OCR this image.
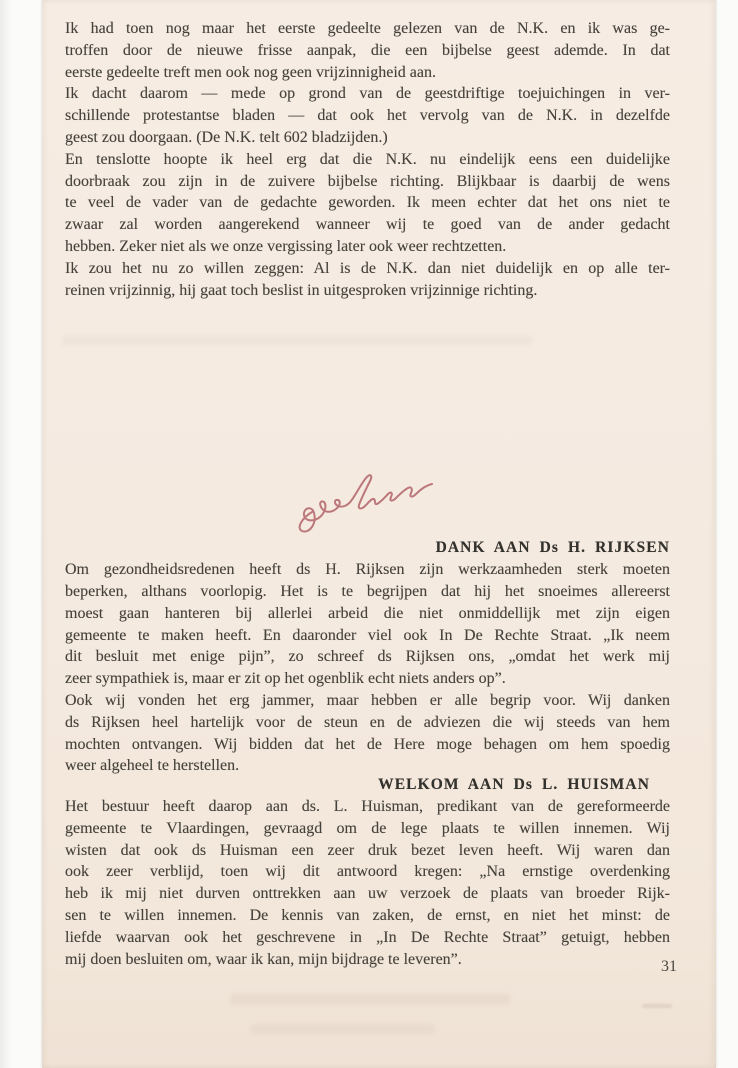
Ik had toen nog maar het eerste gedeelte gelezen van de N.K. en ik was ge-
troffen door de nieuwe frisse aanpak, die een bijbelse geest ademde. In dat
eerste gedeelte treft men ook nog geen vrijzinnigheid aan.
Ik dacht daarom — mede op grond van de geestdriftige toejuichingen in ver-
schillende protestantse bladen — dat ook het vervolg van de N.K. in dezelfde
geest zou doorgaan. (De N.K. telt 602 bladzijden.)
En tenslotte hoopte ik heel erg dat die N.K. nu eindelijk eens een duidelijke
doorbraak zou zijn in de zuivere bijbelse richting. Blijkbaar is daarbij de wens
te veel de vader van de gedachte geworden. Ik meen echter dat het ons niet te
zwaar zal worden aangerekend wanneer wij te goed van de ander gedacht
hebben. Zeker niet als we onze vergissing later ook weer rechtzetten.
Ik zou het nu zo willen zeggen: Al is de N.K. dan niet duidelijk en op alle ter-
reinen vrijzinnig, hij gaat toch beslist in uitgesproken vrijzinnige richting.
DANK AAN Ds H. RIJKSEN
Om gezondheidsredenen heeft ds H. Rijksen zijn werkzaamheden sterk moeten
beperken, althans voorlopig. Het is te begrijpen dat hij het snoeimes allereerst
moest gaan hanteren bij allerlei arbeid die niet onmiddellijk met zijn eigen
gemeente te maken heeft. En daaronder viel ook In De Rechte Straat. „Ik neem
dit besluit met enige pijn”, zo schreef ds Rijksen ons, „omdat het werk mij
zeer sympathiek is, maar er zit op het ogenblik echt niets anders op”.
Ook wij vonden het erg jammer, maar hebben er alle begrip voor. Wij danken
ds Rijksen heel hartelijk voor de steun en de adviezen die wij steeds van hem
mochten ontvangen. Wij bidden dat het de Here moge behagen om hem spoedig
weer algeheel te herstellen.
WELKOM AAN Ds L. HUISMAN
Het bestuur heeft daarop aan ds. L. Huisman, predikant van de gereformeerde
gemeente te Vlaardingen, gevraagd om de lege plaats te willen innemen. Wij
wisten dat ook ds Huisman een zeer druk bezet leven heeft. Wij waren dan
ook zeer verblijd, toen wij dit antwoord kregen: „Na ernstige overdenking
heb ik mij niet durven onttrekken aan uw verzoek de plaats van broeder Rijk-
sen te willen innemen. De kennis van zaken, de ernst, en niet het minst: de
liefde waarvan ook het geschrevene in „In De Rechte Straat” getuigt, hebben
mij doen besluiten om, waar ik kan, mijn bijdrage te leveren”.	31
